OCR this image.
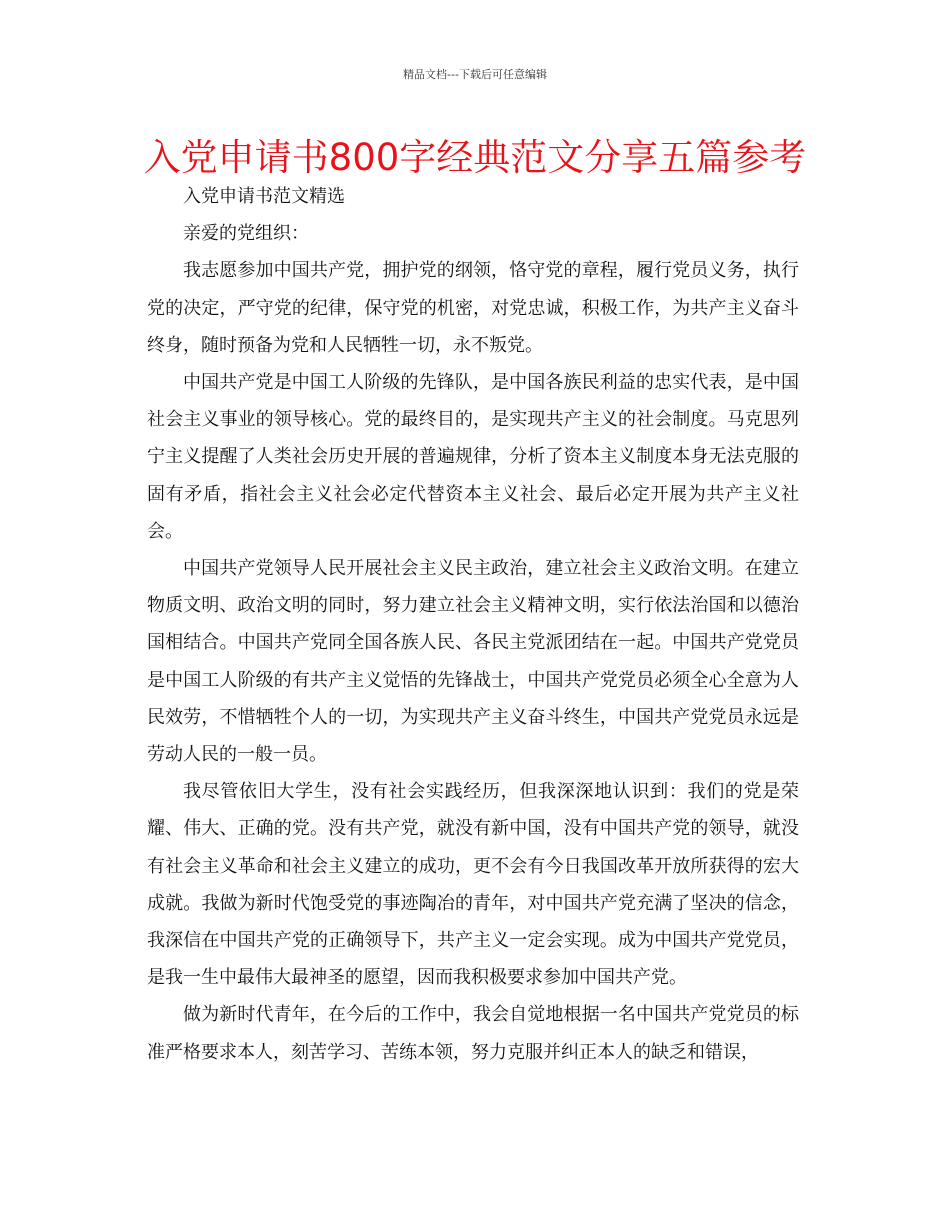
精品文档---下载后可任意编辑
入党申请书800字经典范文分享五篇参考

入党申请书范文精选

亲爱的党组织：

我志愿参加中国共产党，拥护党的纲领，恪守党的章程，履行党员义务，执行党的决定，严守党的纪律，保守党的机密，对党忠诚，积极工作，为共产主义奋斗终身，随时预备为党和人民牺牲一切，永不叛党。

中国共产党是中国工人阶级的先锋队，是中国各族民利益的忠实代表，是中国社会主义事业的领导核心。党的最终目的，是实现共产主义的社会制度。马克思列宁主义提醒了人类社会历史开展的普遍规律，分析了资本主义制度本身无法克服的固有矛盾，指社会主义社会必定代替资本主义社会、最后必定开展为共产主义社会。

中国共产党领导人民开展社会主义民主政治，建立社会主义政治文明。在建立物质文明、政治文明的同时，努力建立社会主义精神文明，实行依法治国和以德治国相结合。中国共产党同全国各族人民、各民主党派团结在一起。中国共产党党员是中国工人阶级的有共产主义觉悟的先锋战士，中国共产党党员必须全心全意为人民效劳，不惜牺牲个人的一切，为实现共产主义奋斗终生，中国共产党党员永远是劳动人民的一般一员。

我尽管依旧大学生，没有社会实践经历，但我深深地认识到：我们的党是荣耀、伟大、正确的党。没有共产党，就没有新中国，没有中国共产党的领导，就没有社会主义革命和社会主义建立的成功，更不会有今日我国改革开放所获得的宏大成就。我做为新时代饱受党的事迹陶冶的青年，对中国共产党充满了坚决的信念，我深信在中国共产党的正确领导下，共产主义一定会实现。成为中国共产党党员，是我一生中最伟大最神圣的愿望，因而我积极要求参加中国共产党。

做为新时代青年，在今后的工作中，我会自觉地根据一名中国共产党党员的标准严格要求本人，刻苦学习、苦练本领，努力克服并纠正本人的缺乏和错误，
